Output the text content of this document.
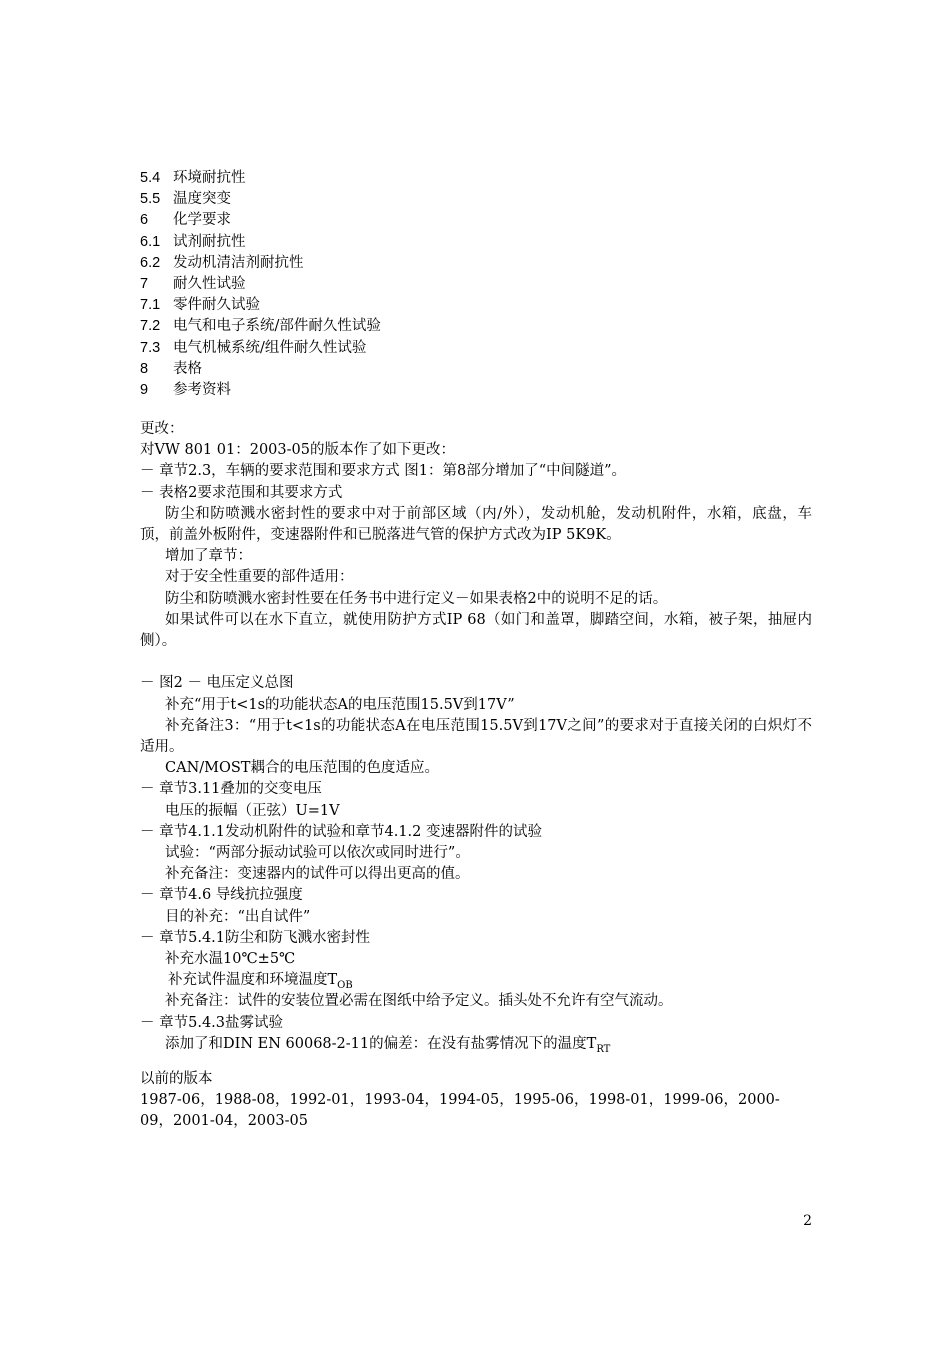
5.4 环境耐抗性
5.5 温度突变
6	化学要求
6.1 试剂耐抗性
6.2 发动机清洁剂耐抗性
7	耐久性试验
7.1 零件耐久试验
7.2 电气和电子系统/部件耐久性试验
7.3 电气机械系统/组件耐久性试验
8	表格
9	参考资料
更改：
对VW 801 01：2003-05的版本作了如下更改：
－ 章节2.3，车辆的要求范围和要求方式 图1：第8部分增加了“中间隧道”。
－ 表格2要求范围和其要求方式
防尘和防喷溅水密封性的要求中对于前部区域（内/外），发动机舱，发动机附件，水箱，底盘，车顶，前盖外板附件，变速器附件和已脱落进气管的保护方式改为IP 5K9K。
增加了章节：
对于安全性重要的部件适用：
防尘和防喷溅水密封性要在任务书中进行定义－如果表格2中的说明不足的话。
如果试件可以在水下直立，就使用防护方式IP 68（如门和盖罩，脚踏空间，水箱，被子架，抽屉内侧）。
－ 图2 － 电压定义总图
补充“用于t<1s的功能状态A的电压范围15.5V到17V”
补充备注3：“用于t<1s的功能状态A在电压范围15.5V到17V之间”的要求对于直接关闭的白炽灯不适用。
CAN/MOST耦合的电压范围的色度适应。
－ 章节3.11叠加的交变电压
电压的振幅（正弦）U=1V
－ 章节4.1.1发动机附件的试验和章节4.1.2 变速器附件的试验
试验：“两部分振动试验可以依次或同时进行”。
补充备注：变速器内的试件可以得出更高的值。
－ 章节4.6 导线抗拉强度
目的补充：“出自试件”
－ 章节5.4.1防尘和防飞溅水密封性
补充水温10℃±5℃
补充试件温度和环境温度$T_{OB}$
补充备注：试件的安装位置必需在图纸中给予定义。插头处不允许有空气流动。
－ 章节5.4.3盐雾试验
添加了和DIN EN 60068-2-11的偏差：在没有盐雾情况下的温度$T_{RT}$
以前的版本
1987-06，1988-08，1992-01，1993-04，1994-05，1995-06，1998-01，1999-06，2000-09，2001-04，2003-05
2
